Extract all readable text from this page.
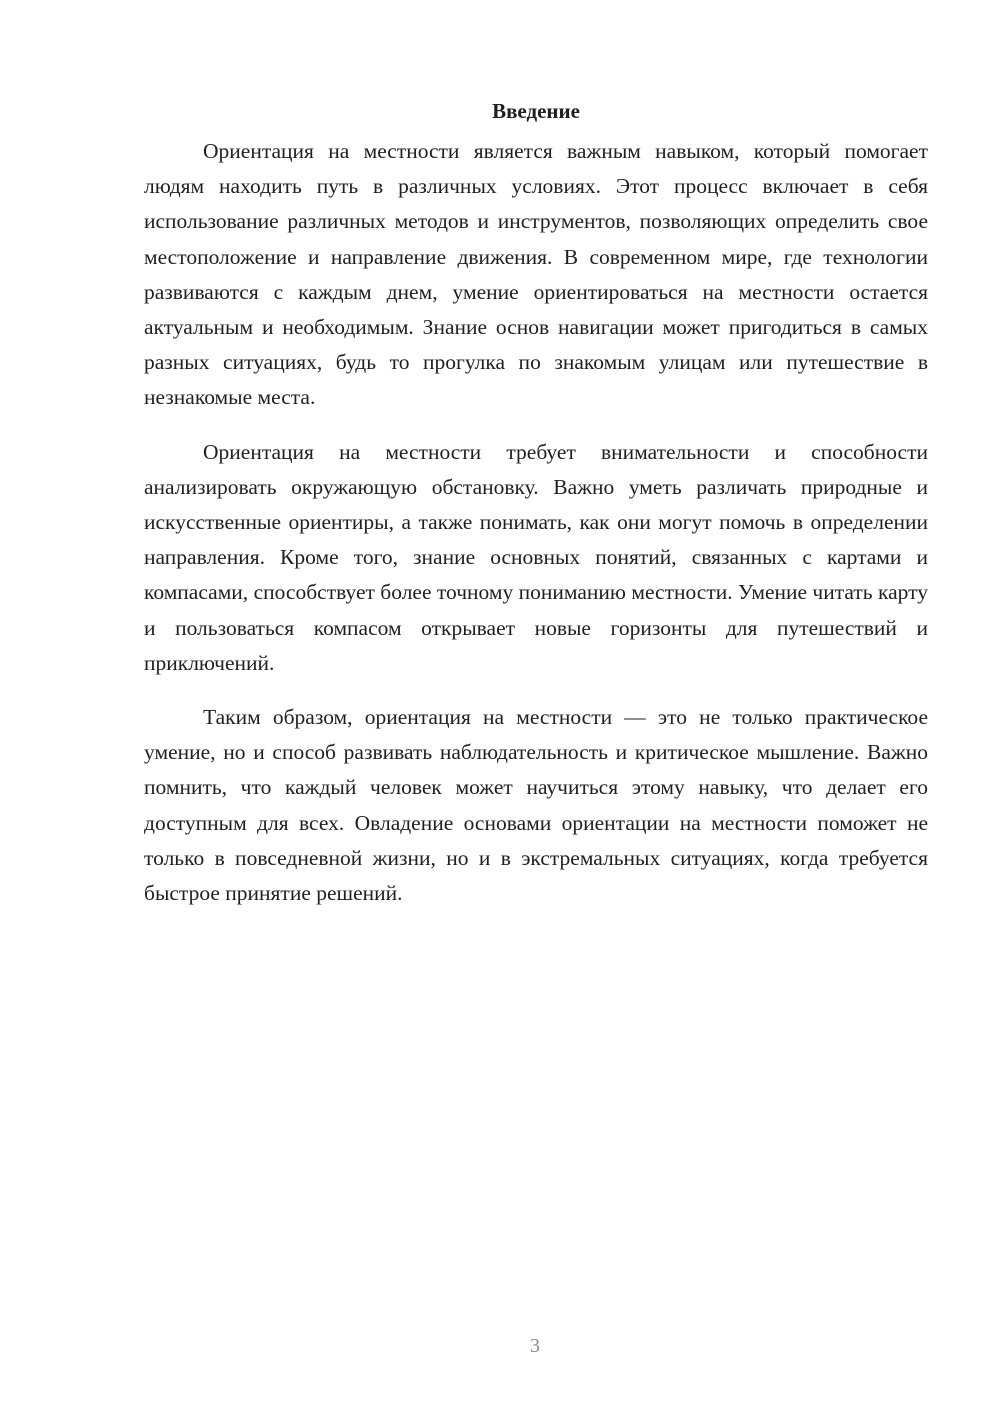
Введение

Ориентация на местности является важным навыком, который помогает людям находить путь в различных условиях. Этот процесс включает в себя использование различных методов и инструментов, позволяющих определить свое местоположение и направление движения. В современном мире, где технологии развиваются с каждым днем, умение ориентироваться на местности остается актуальным и необходимым. Знание основ навигации может пригодиться в самых разных ситуациях, будь то прогулка по знакомым улицам или путешествие в незнакомые места.

Ориентация на местности требует внимательности и способности анализировать окружающую обстановку. Важно уметь различать природные и искусственные ориентиры, а также понимать, как они могут помочь в определении направления. Кроме того, знание основных понятий, связанных с картами и компасами, способствует более точному пониманию местности. Умение читать карту и пользоваться компасом открывает новые горизонты для путешествий и приключений.

Таким образом, ориентация на местности — это не только практическое умение, но и способ развивать наблюдательность и критическое мышление. Важно помнить, что каждый человек может научиться этому навыку, что делает его доступным для всех. Овладение основами ориентации на местности поможет не только в повседневной жизни, но и в экстремальных ситуациях, когда требуется быстрое принятие решений.

3
